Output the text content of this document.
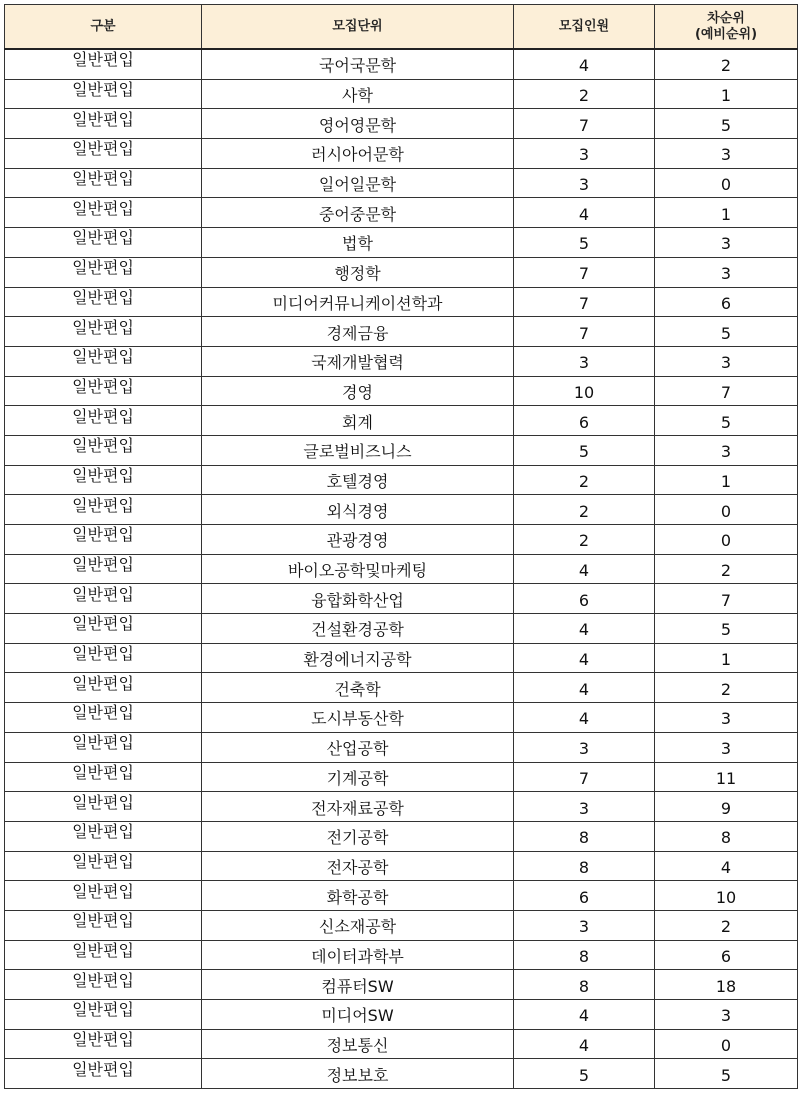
구분	모집단위	모집인원	차순위
(예비순위)

일반편입	국어국문학	4	2
일반편입	사학	2	1
일반편입	영어영문학	7	5
일반편입	러시아어문학	3	3
일반편입	일어일문학	3	0
일반편입	중어중문학	4	1
일반편입	법학	5	3
일반편입	행정학	7	3
일반편입	미디어커뮤니케이션학과	7	6
일반편입	경제금융	7	5
일반편입	국제개발협력	3	3
일반편입	경영	10	7
일반편입	회계	6	5
일반편입	글로벌비즈니스	5	3
일반편입	호텔경영	2	1
일반편입	외식경영	2	0
일반편입	관광경영	2	0
일반편입	바이오공학및마케팅	4	2
일반편입	융합화학산업	6	7
일반편입	건설환경공학	4	5
일반편입	환경에너지공학	4	1
일반편입	건축학	4	2
일반편입	도시부동산학	4	3
일반편입	산업공학	3	3
일반편입	기계공학	7	11
일반편입	전자재료공학	3	9
일반편입	전기공학	8	8
일반편입	전자공학	8	4
일반편입	화학공학	6	10
일반편입	신소재공학	3	2
일반편입	데이터과학부	8	6
일반편입	컴퓨터SW	8	18
일반편입	미디어SW	4	3
일반편입	정보통신	4	0
일반편입	정보보호	5	5
